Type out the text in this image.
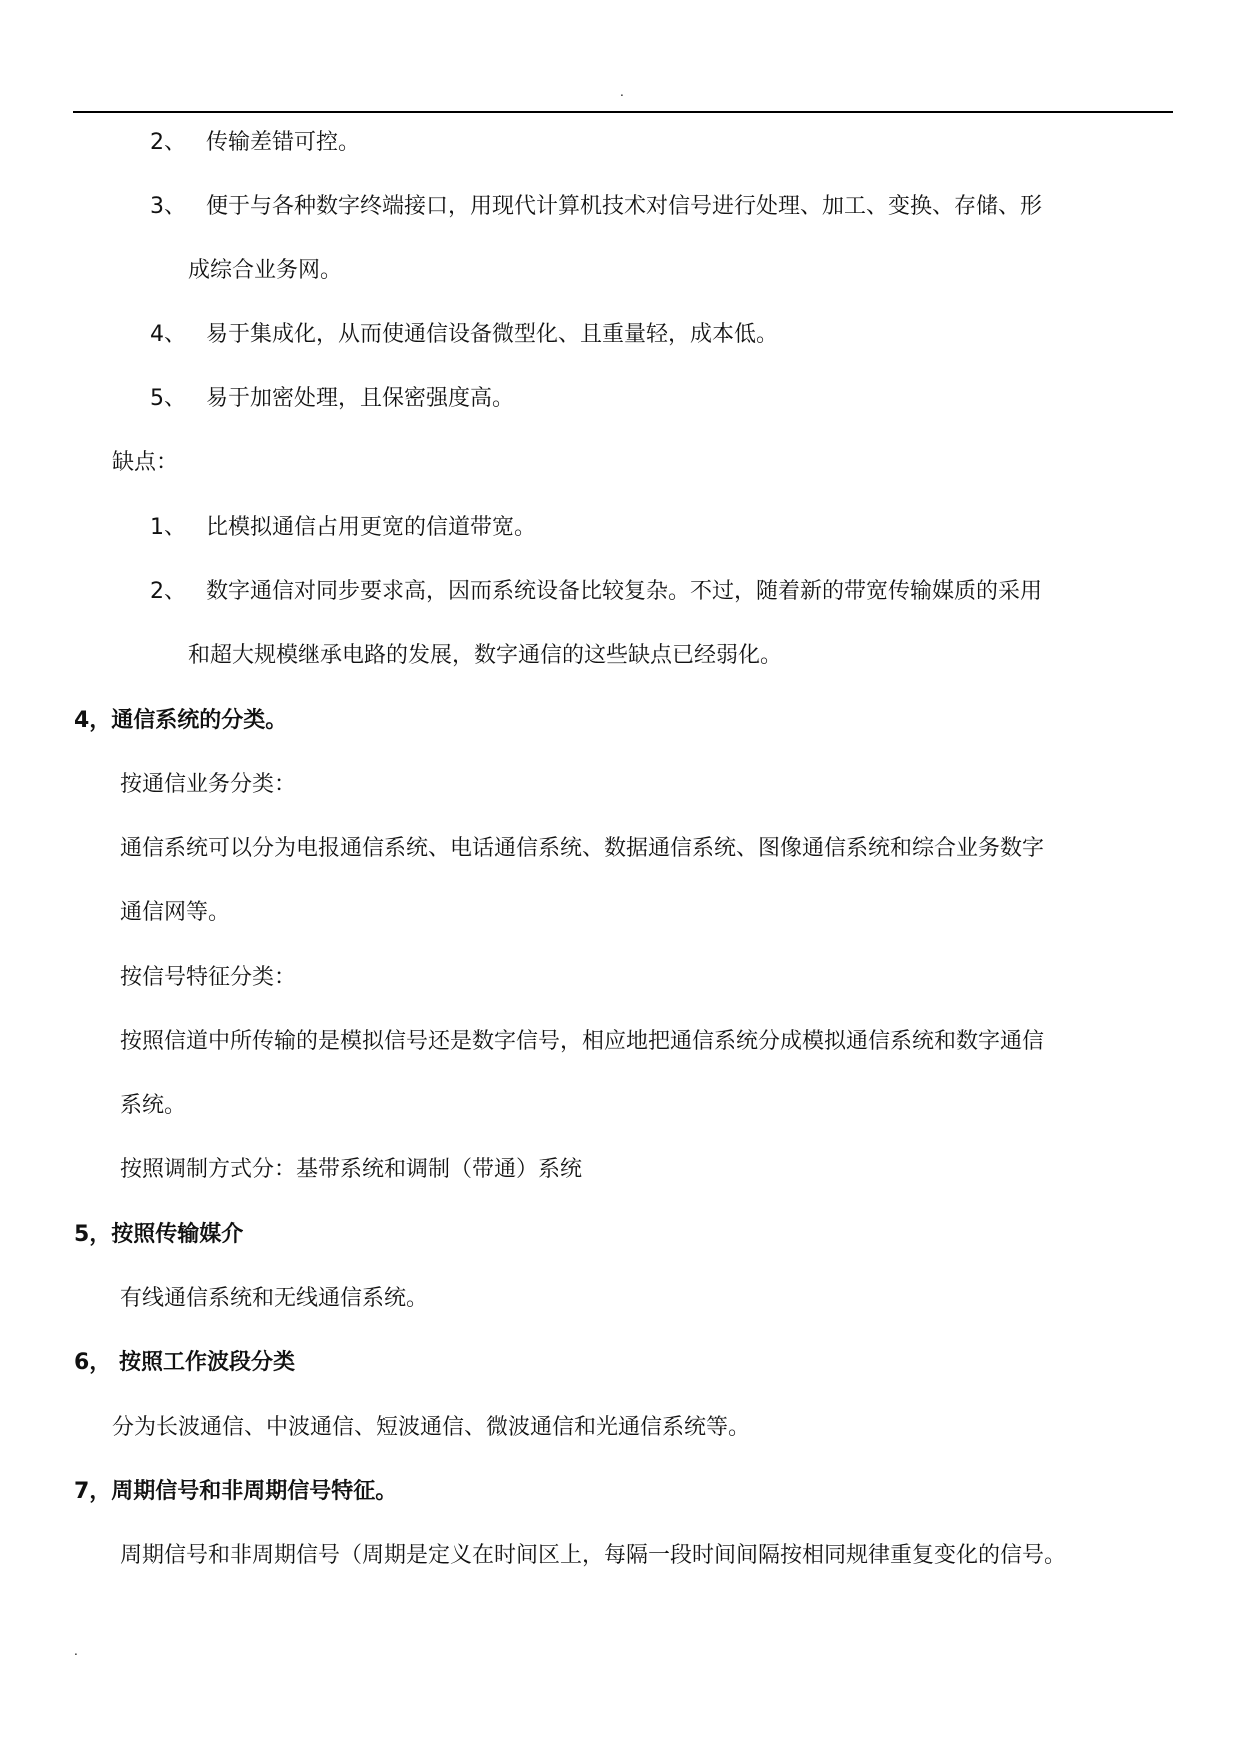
.
2、 传输差错可控。
3、 便于与各种数字终端接口，用现代计算机技术对信号进行处理、加工、变换、存储、形
成综合业务网。
4、 易于集成化，从而使通信设备微型化、且重量轻，成本低。
5、 易于加密处理，且保密强度高。
缺点：
1、 比模拟通信占用更宽的信道带宽。
2、 数字通信对同步要求高，因而系统设备比较复杂。不过，随着新的带宽传输媒质的采用
和超大规模继承电路的发展，数字通信的这些缺点已经弱化。
4，通信系统的分类。
按通信业务分类：
通信系统可以分为电报通信系统、电话通信系统、数据通信系统、图像通信系统和综合业务数字
通信网等。
按信号特征分类：
按照信道中所传输的是模拟信号还是数字信号，相应地把通信系统分成模拟通信系统和数字通信
系统。
按照调制方式分：基带系统和调制（带通）系统
5，按照传输媒介
有线通信系统和无线通信系统。
6， 按照工作波段分类
分为长波通信、中波通信、短波通信、微波通信和光通信系统等。
7，周期信号和非周期信号特征。
周期信号和非周期信号（周期是定义在时间区上，每隔一段时间间隔按相同规律重复变化的信号。
.
